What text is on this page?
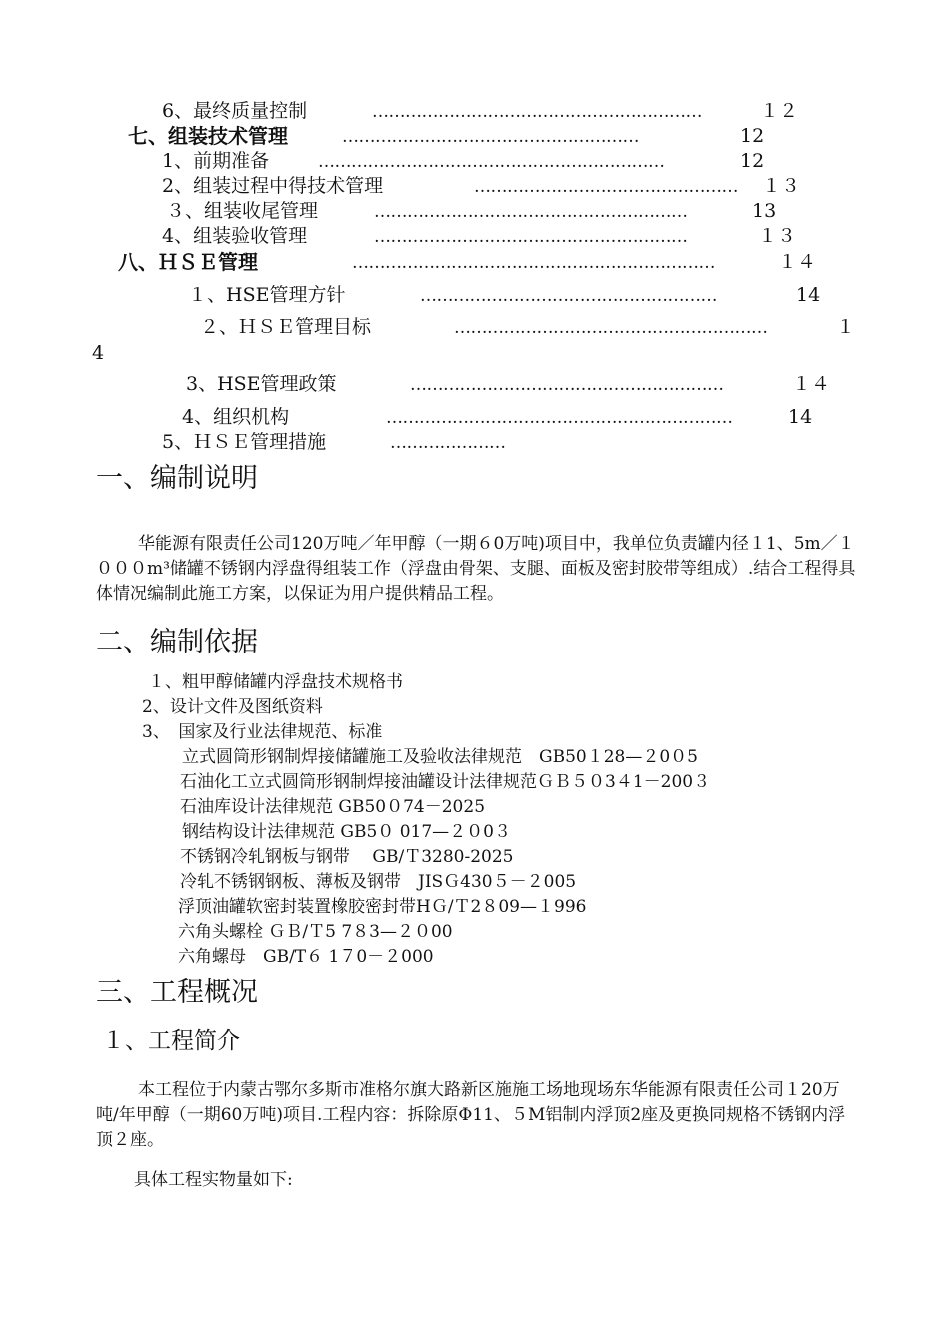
6、最终质量控制	……………………………………………………	１２
七、组装技术管理	………………………………………………	12
1、前期准备	………………………………………………………	12
2、组装过程中得技术管理	………………………………………… １３
３、组装收尾管理	…………………………………………………	13
4、组装验收管理	…………………………………………………	１３
八、ＨＳＥ管理	…………………………………………………………	１４
１、HSE管理方针	………………………………………………	14
２、ＨＳＥ管理目标	…………………………………………………	１
4
3、HSE管理政策	…………………………………………………	１４
4、组织机构	………………………………………………………	14
5、ＨＳＥ管理措施	…………………
一、编制说明

华能源有限责任公司120万吨／年甲醇（一期６0万吨)项目中，我单位负责罐内径１1、5m／１０００m³储罐不锈钢内浮盘得组装工作（浮盘由骨架、支腿、面板及密封胶带等组成）.结合工程得具体情况编制此施工方案，以保证为用户提供精品工程。

二、编制依据
１、粗甲醇储罐内浮盘技术规格书
2、设计文件及图纸资料
3、　国家及行业法律规范、标准
立式圆筒形钢制焊接储罐施工及验收法律规范　GB50１28—２0０5
石油化工立式圆筒形钢制焊接油罐设计法律规范ＧＢ５０3４1－200３
石油库设计法律规范 GB50０74－2025
钢结构设计法律规范 GB5０ 017—２０0３
不锈钢冷轧钢板与钢带　 GB/Ｔ3280-2025
冷轧不锈钢钢板、薄板及钢带　JISＧ430５－２005
浮顶油罐软密封装置橡胶密封带HＧ/Ｔ2８09—１996
六角头螺栓 ＧＢ/Ｔ5 7８3—２０00
六角螺母　GB/T６ 1７0－２000
三、工程概况
１、工程简介

本工程位于内蒙古鄂尔多斯市准格尔旗大路新区施施工场地现场东华能源有限责任公司１20万吨/年甲醇（一期60万吨)项目.工程内容：拆除原Φ11、５M铝制内浮顶2座及更换同规格不锈钢内浮顶２座。

具体工程实物量如下:
